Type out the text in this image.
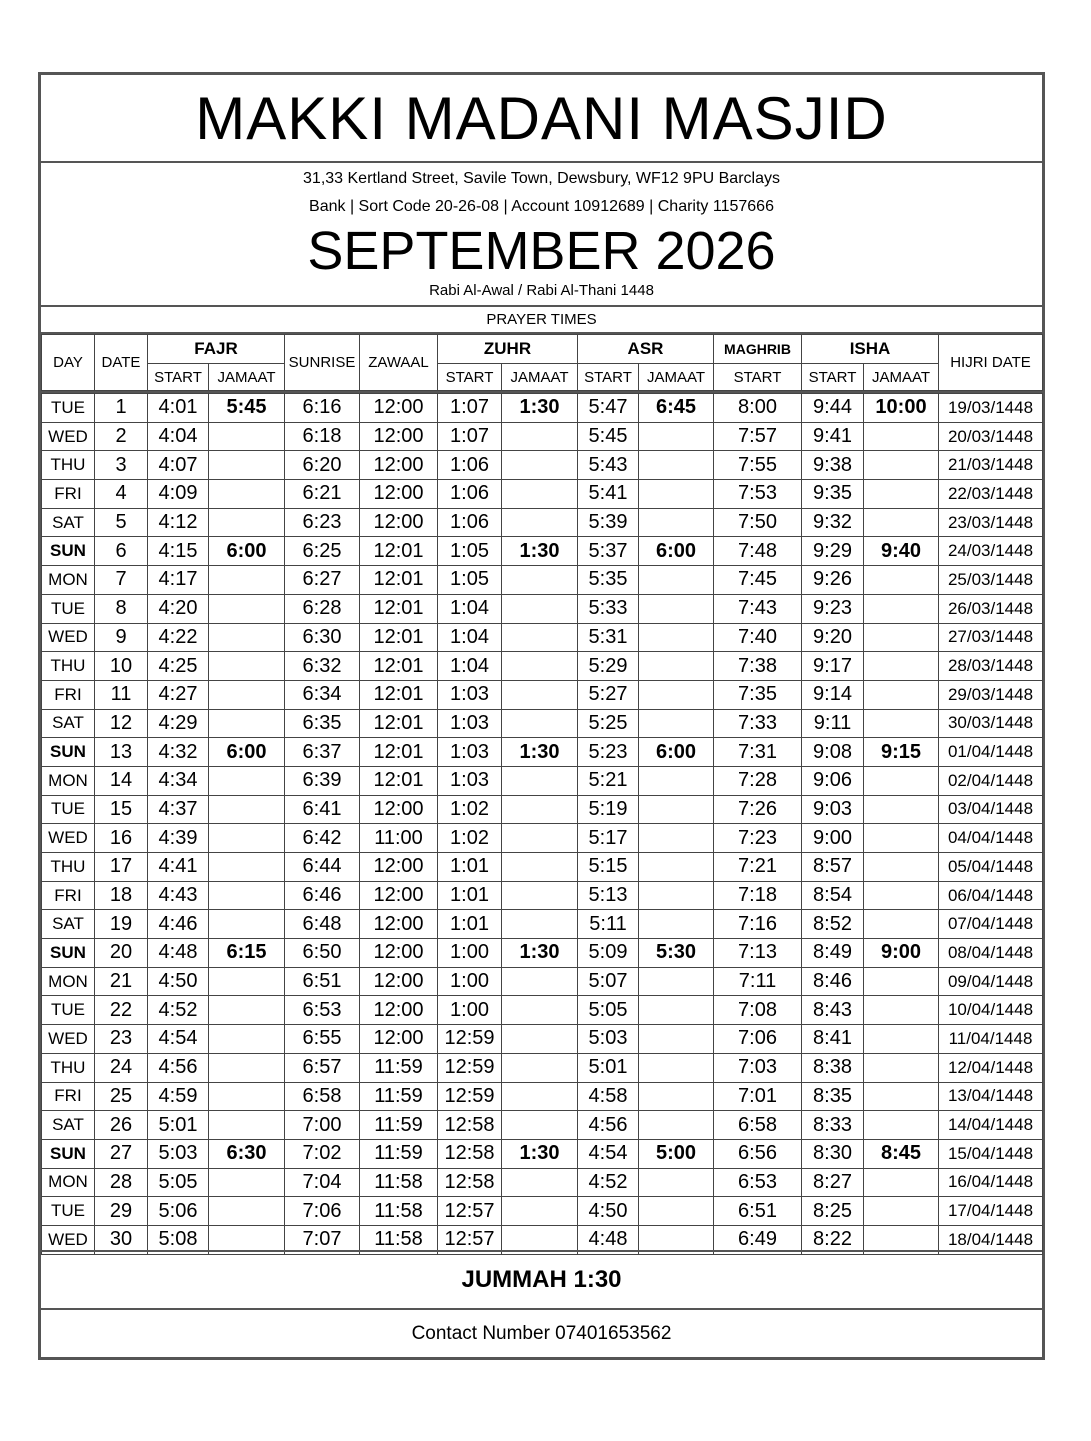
MAKKI MADANI MASJID
31,33 Kertland Street, Savile Town, Dewsbury, WF12 9PU Barclays
Bank | Sort Code 20-26-08 | Account 10912689 | Charity 1157666
SEPTEMBER 2026
Rabi Al-Awal / Rabi Al-Thani 1448
PRAYER TIMES
DAY	DATE	FAJR		SUNRISE	ZAWAAL	ZUHR		ASR		MAGHRIB	ISHA		HIJRI DATE
		START	JAMAAT			START	JAMAAT	START	JAMAAT	START	START	JAMAAT	
TUE	1	4:01	5:45	6:16	12:00	1:07	1:30	5:47	6:45	8:00	9:44	10:00	19/03/1448
WED	2	4:04		6:18	12:00	1:07		5:45		7:57	9:41		20/03/1448
THU	3	4:07		6:20	12:00	1:06		5:43		7:55	9:38		21/03/1448
FRI	4	4:09		6:21	12:00	1:06		5:41		7:53	9:35		22/03/1448
SAT	5	4:12		6:23	12:00	1:06		5:39		7:50	9:32		23/03/1448
SUN	6	4:15	6:00	6:25	12:01	1:05	1:30	5:37	6:00	7:48	9:29	9:40	24/03/1448
MON	7	4:17		6:27	12:01	1:05		5:35		7:45	9:26		25/03/1448
TUE	8	4:20		6:28	12:01	1:04		5:33		7:43	9:23		26/03/1448
WED	9	4:22		6:30	12:01	1:04		5:31		7:40	9:20		27/03/1448
THU	10	4:25		6:32	12:01	1:04		5:29		7:38	9:17		28/03/1448
FRI	11	4:27		6:34	12:01	1:03		5:27		7:35	9:14		29/03/1448
SAT	12	4:29		6:35	12:01	1:03		5:25		7:33	9:11		30/03/1448
SUN	13	4:32	6:00	6:37	12:01	1:03	1:30	5:23	6:00	7:31	9:08	9:15	01/04/1448
MON	14	4:34		6:39	12:01	1:03		5:21		7:28	9:06		02/04/1448
TUE	15	4:37		6:41	12:00	1:02		5:19		7:26	9:03		03/04/1448
WED	16	4:39		6:42	11:00	1:02		5:17		7:23	9:00		04/04/1448
THU	17	4:41		6:44	12:00	1:01		5:15		7:21	8:57		05/04/1448
FRI	18	4:43		6:46	12:00	1:01		5:13		7:18	8:54		06/04/1448
SAT	19	4:46		6:48	12:00	1:01		5:11		7:16	8:52		07/04/1448
SUN	20	4:48	6:15	6:50	12:00	1:00	1:30	5:09	5:30	7:13	8:49	9:00	08/04/1448
MON	21	4:50		6:51	12:00	1:00		5:07		7:11	8:46		09/04/1448
TUE	22	4:52		6:53	12:00	1:00		5:05		7:08	8:43		10/04/1448
WED	23	4:54		6:55	12:00	12:59		5:03		7:06	8:41		11/04/1448
THU	24	4:56		6:57	11:59	12:59		5:01		7:03	8:38		12/04/1448
FRI	25	4:59		6:58	11:59	12:59		4:58		7:01	8:35		13/04/1448
SAT	26	5:01		7:00	11:59	12:58		4:56		6:58	8:33		14/04/1448
SUN	27	5:03	6:30	7:02	11:59	12:58	1:30	4:54	5:00	6:56	8:30	8:45	15/04/1448
MON	28	5:05		7:04	11:58	12:58		4:52		6:53	8:27		16/04/1448
TUE	29	5:06		7:06	11:58	12:57		4:50		6:51	8:25		17/04/1448
WED	30	5:08		7:07	11:58	12:57		4:48		6:49	8:22		18/04/1448
JUMMAH 1:30
Contact Number 07401653562
